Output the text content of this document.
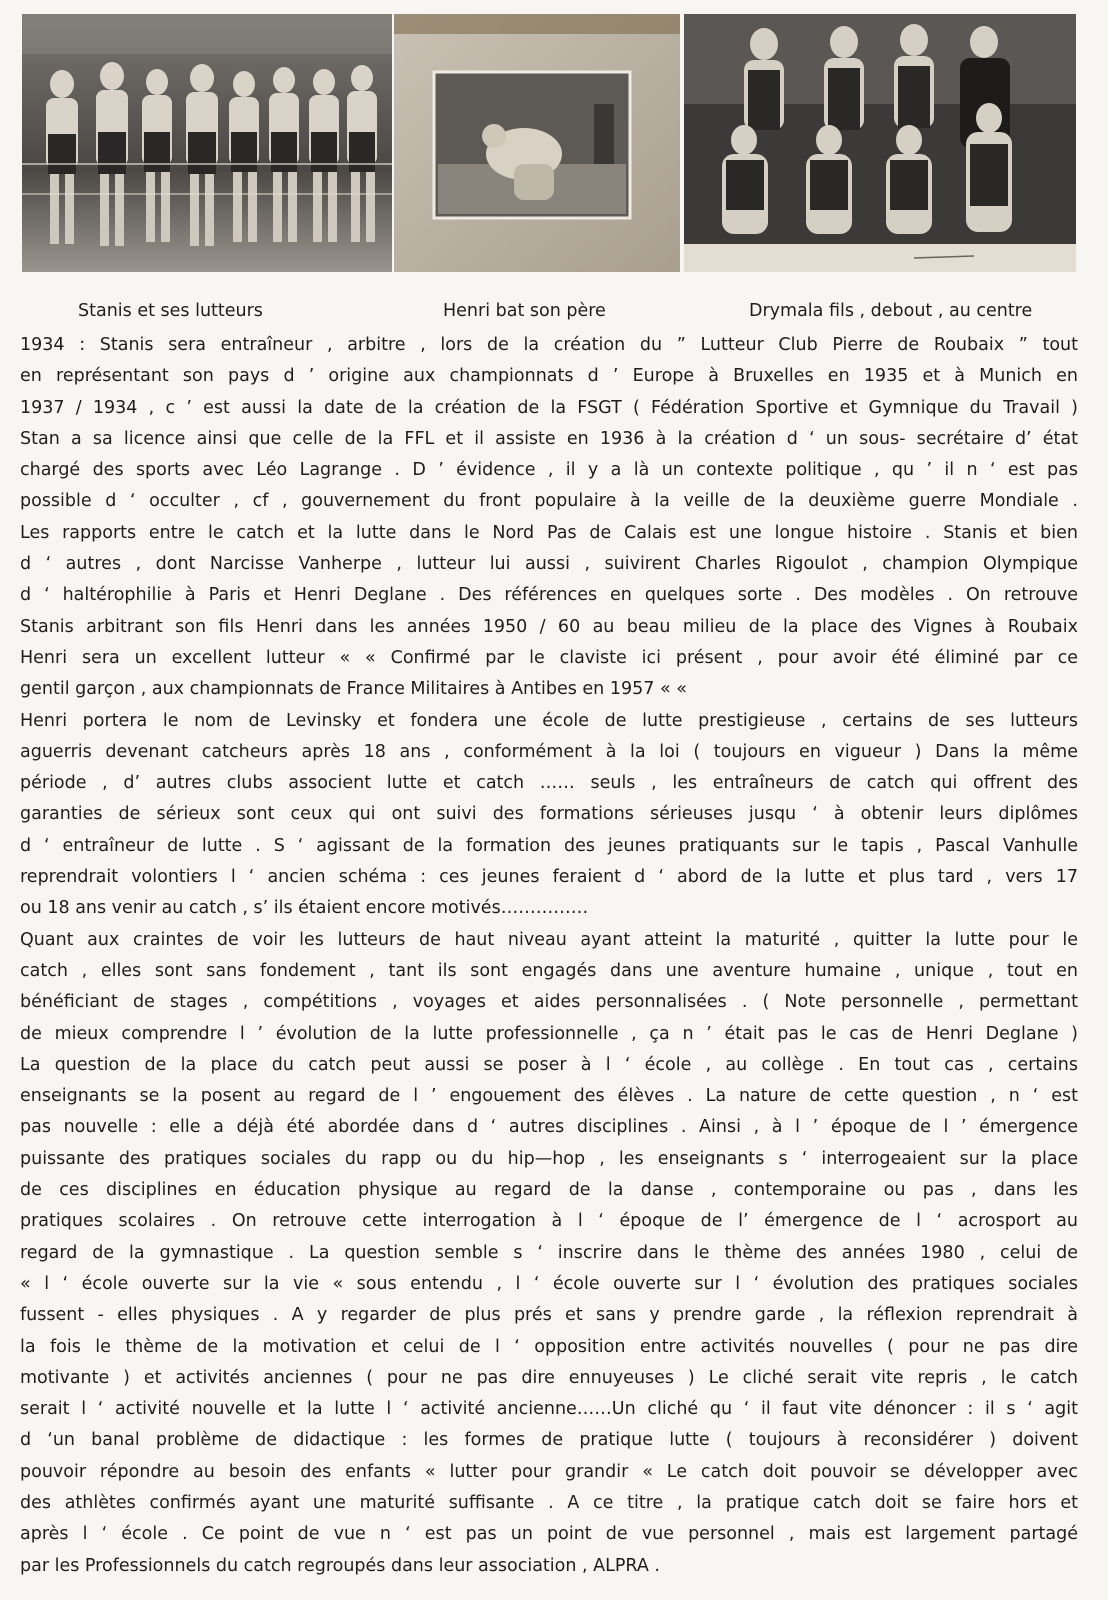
Stanis et ses lutteurs	Henri bat son père	Drymala fils , debout , au centre
1934 : Stanis sera entraîneur , arbitre , lors de la création du ” Lutteur Club Pierre de Roubaix ” tout
en représentant son pays d ’ origine aux championnats d ’ Europe à Bruxelles en 1935 et à Munich en
1937 / 1934 , c ’ est aussi la date de la création de la FSGT ( Fédération Sportive et Gymnique du Travail )
Stan a sa licence ainsi que celle de la FFL et il assiste en 1936 à la création d ‘ un sous- secrétaire d’ état
chargé des sports avec Léo Lagrange . D ’ évidence , il y a là un contexte politique , qu ’ il n ‘ est pas
possible d ‘ occulter , cf , gouvernement du front populaire à la veille de la deuxième guerre Mondiale .
Les rapports entre le catch et la lutte dans le Nord Pas de Calais est une longue histoire . Stanis et bien
d ‘ autres , dont Narcisse Vanherpe , lutteur lui aussi , suivirent Charles Rigoulot , champion Olympique
d ‘ haltérophilie à Paris et Henri Deglane . Des références en quelques sorte . Des modèles . On retrouve
Stanis arbitrant son fils Henri dans les années 1950 / 60 au beau milieu de la place des Vignes à Roubaix
Henri sera un excellent lutteur « « Confirmé par le claviste ici présent , pour avoir été éliminé par ce
gentil garçon , aux championnats de France Militaires à Antibes en 1957 « «
Henri portera le nom de Levinsky et fondera une école de lutte prestigieuse , certains de ses lutteurs
aguerris devenant catcheurs après 18 ans , conformément à la loi ( toujours en vigueur ) Dans la même
période , d’ autres clubs associent lutte et catch …… seuls , les entraîneurs de catch qui offrent des
garanties de sérieux sont ceux qui ont suivi des formations sérieuses jusqu ‘ à obtenir leurs diplômes
d ‘ entraîneur de lutte . S ‘ agissant de la formation des jeunes pratiquants sur le tapis , Pascal Vanhulle
reprendrait volontiers l ‘ ancien schéma : ces jeunes feraient d ‘ abord de la lutte et plus tard , vers 17
ou 18 ans venir au catch , s’ ils étaient encore motivés……………
Quant aux craintes de voir les lutteurs de haut niveau ayant atteint la maturité , quitter la lutte pour le
catch , elles sont sans fondement , tant ils sont engagés dans une aventure humaine , unique , tout en
bénéficiant de stages , compétitions , voyages et aides personnalisées . ( Note personnelle , permettant
de mieux comprendre l ’ évolution de la lutte professionnelle , ça n ’ était pas le cas de Henri Deglane )
La question de la place du catch peut aussi se poser à l ‘ école , au collège . En tout cas , certains
enseignants se la posent au regard de l ’ engouement des élèves . La nature de cette question , n ‘ est
pas nouvelle : elle a déjà été abordée dans d ‘ autres disciplines . Ainsi , à l ’ époque de l ’ émergence
puissante des pratiques sociales du rapp ou du hip—hop , les enseignants s ‘ interrogeaient sur la place
de ces disciplines en éducation physique au regard de la danse , contemporaine ou pas , dans les
pratiques scolaires . On retrouve cette interrogation à l ‘ époque de l’ émergence de l ‘ acrosport au
regard de la gymnastique . La question semble s ‘ inscrire dans le thème des années 1980 , celui de
« l ‘ école ouverte sur la vie « sous entendu , l ‘ école ouverte sur l ‘ évolution des pratiques sociales
fussent - elles physiques . A y regarder de plus prés et sans y prendre garde , la réflexion reprendrait à
la fois le thème de la motivation et celui de l ‘ opposition entre activités nouvelles ( pour ne pas dire
motivante ) et activités anciennes ( pour ne pas dire ennuyeuses ) Le cliché serait vite repris , le catch
serait l ‘ activité nouvelle et la lutte l ‘ activité ancienne……Un cliché qu ‘ il faut vite dénoncer : il s ‘ agit
d ‘un banal problème de didactique : les formes de pratique lutte ( toujours à reconsidérer ) doivent
pouvoir répondre au besoin des enfants « lutter pour grandir « Le catch doit pouvoir se développer avec
des athlètes confirmés ayant une maturité suffisante . A ce titre , la pratique catch doit se faire hors et
après l ‘ école . Ce point de vue n ‘ est pas un point de vue personnel , mais est largement partagé
par les Professionnels du catch regroupés dans leur association , ALPRA .
